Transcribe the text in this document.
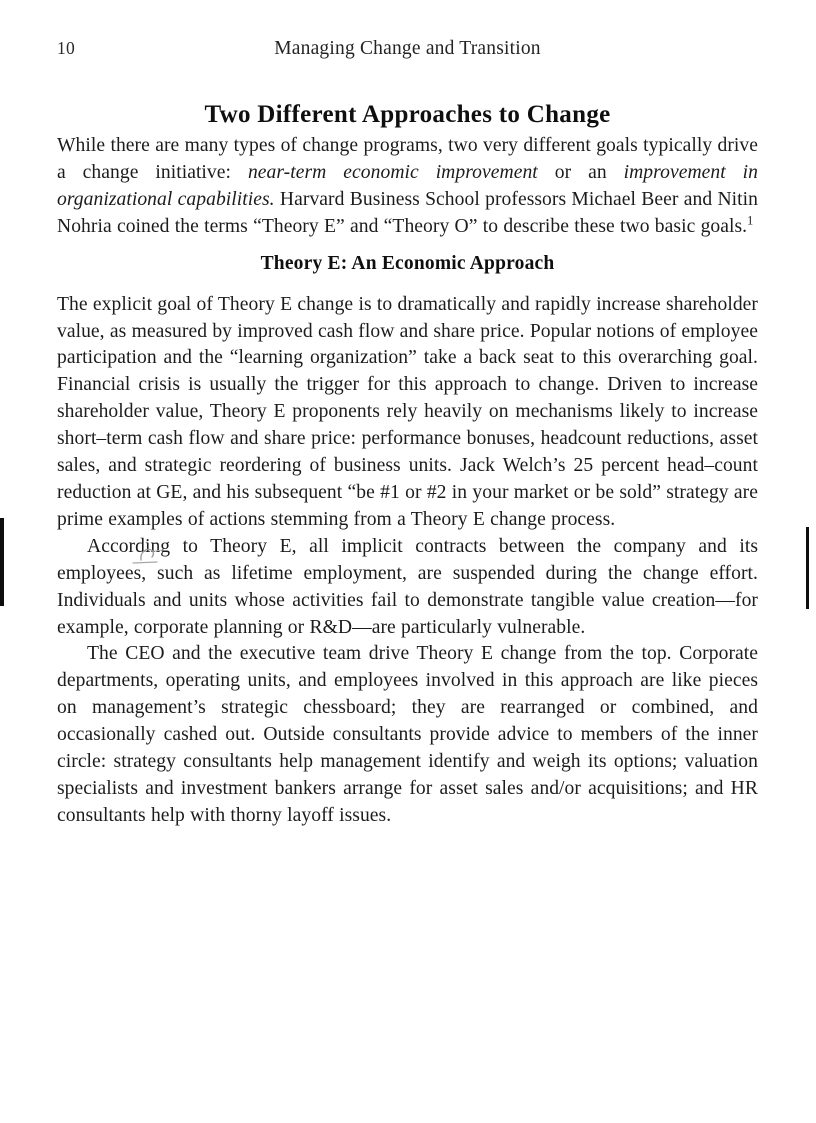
10	Managing Change and Transition
Two Different Approaches to Change

While there are many types of change programs, two very different goals typically drive a change initiative: near-term economic improvement or an improvement in organizational capabilities. Harvard Business School professors Michael Beer and Nitin Nohria coined the terms “Theory E” and “Theory O” to describe these two basic goals.$^1$

Theory E: An Economic Approach

The explicit goal of Theory E change is to dramatically and rapidly increase shareholder value, as measured by improved cash flow and share price. Popular notions of employee participation and the “learning organization” take a back seat to this overarching goal. Financial crisis is usually the trigger for this approach to change. Driven to increase shareholder value, Theory E proponents rely heavily on mechanisms likely to increase short–term cash flow and share price: performance bonuses, headcount reductions, asset sales, and strategic reordering of business units. Jack Welch’s 25 percent head–count reduction at GE, and his subsequent “be #1 or #2 in your market or be sold” strategy are prime examples of actions stemming from a Theory E change process.

According to Theory E, all implicit contracts between the company and its employees, such as lifetime employment, are suspended during the change effort. Individuals and units whose activities fail to demonstrate tangible value creation—for example, corporate planning or R&D—are particularly vulnerable.

The CEO and the executive team drive Theory E change from the top. Corporate departments, operating units, and employees involved in this approach are like pieces on management’s strategic chessboard; they are rearranged or combined, and occasionally cashed out. Outside consultants provide advice to members of the inner circle: strategy consultants help management identify and weigh its options; valuation specialists and investment bankers arrange for asset sales and/or acquisitions; and HR consultants help with thorny layoff issues.
